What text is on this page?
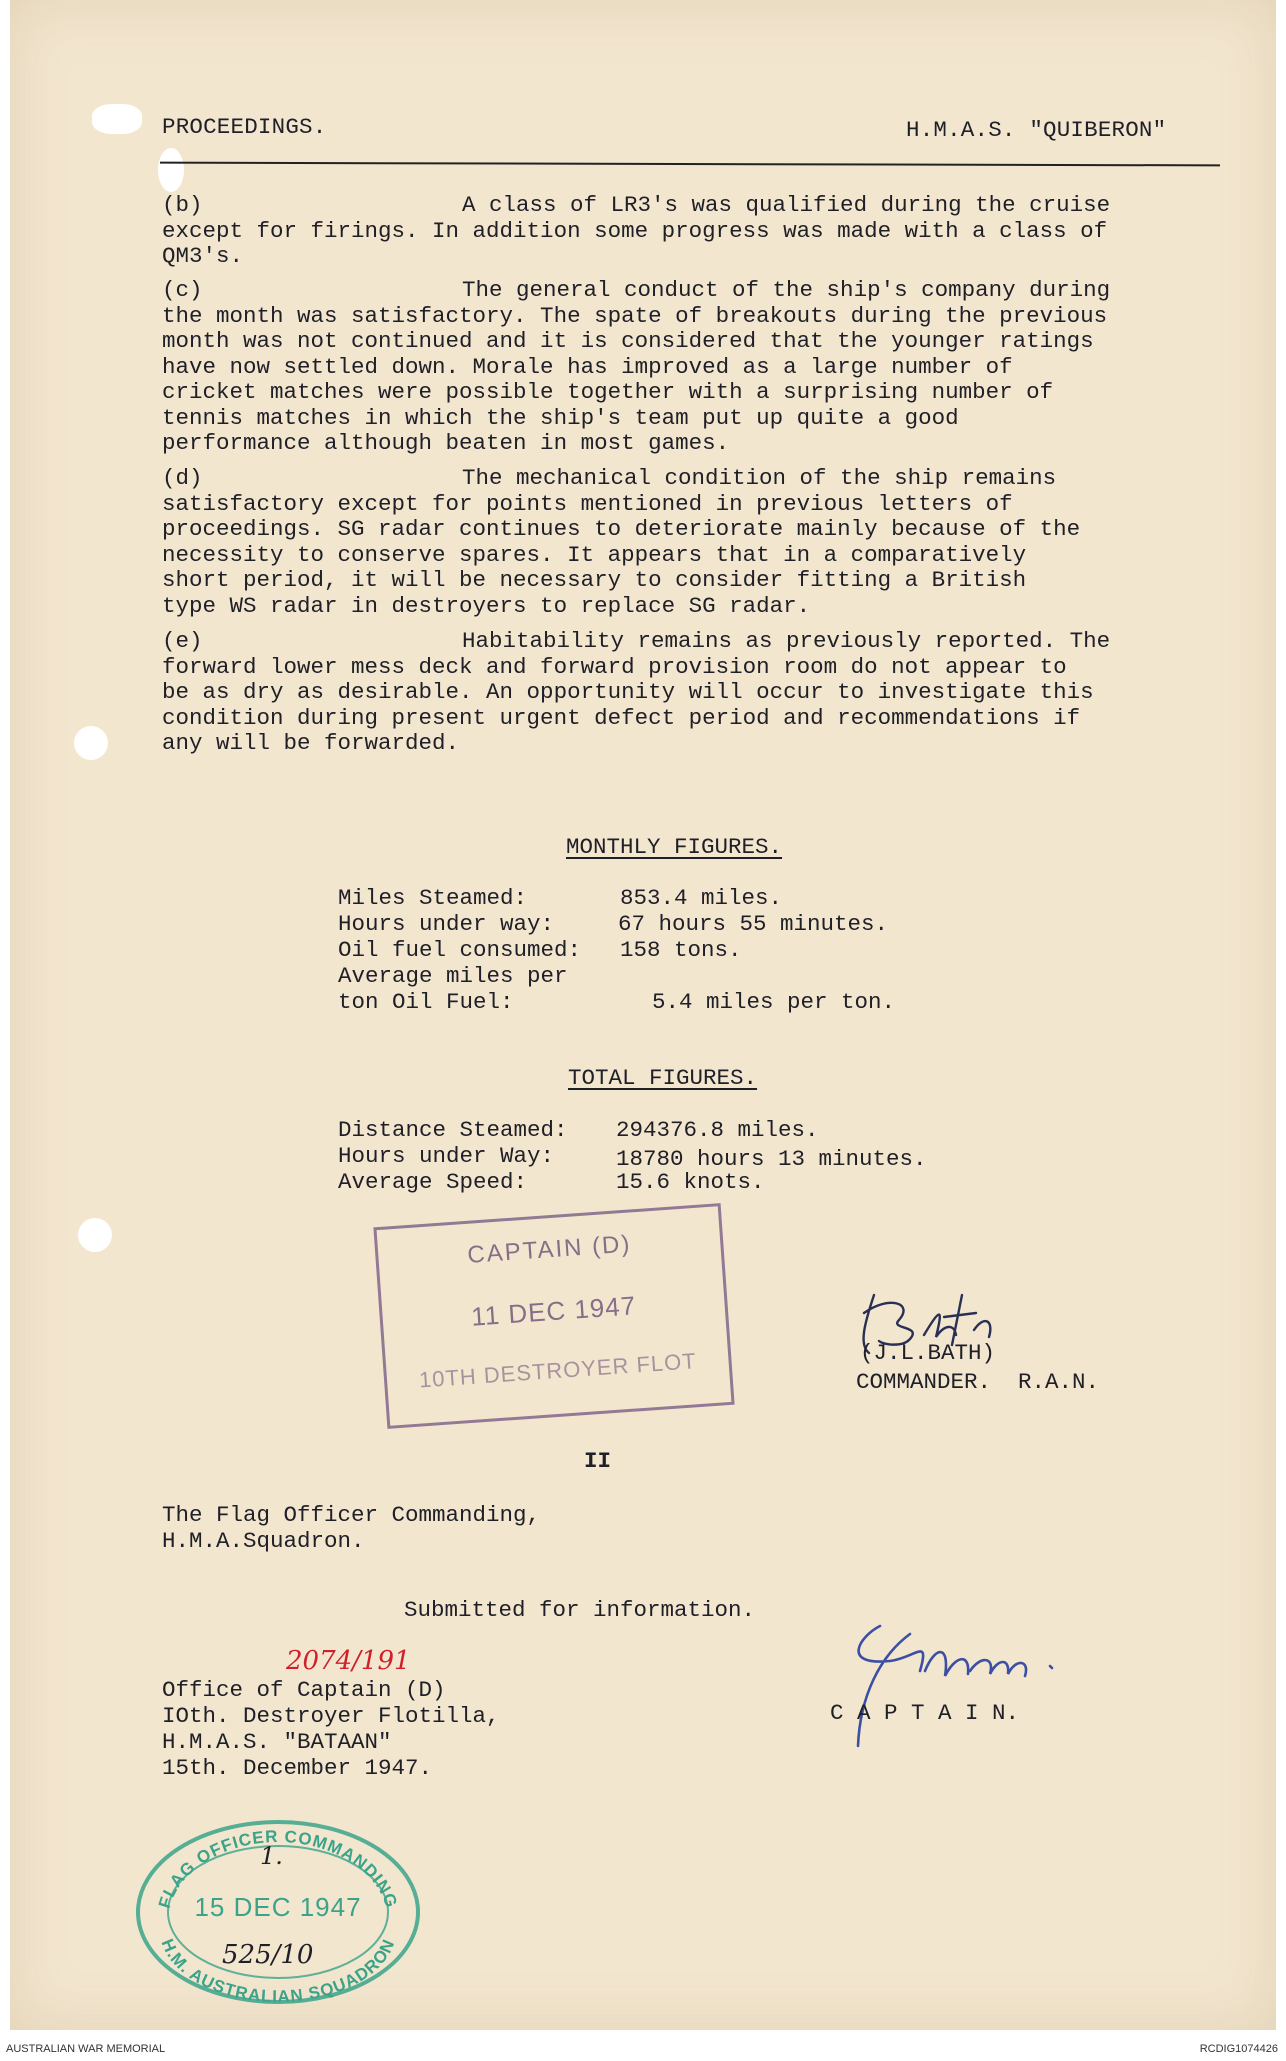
PROCEEDINGS.	H.M.A.S. "QUIBERON"
(b)	A class of LR3's was qualified during the cruise
except for firings. In addition some progress was made with a class of
QM3's.
(c)	The general conduct of the ship's company during
the month was satisfactory. The spate of breakouts during the previous
month was not continued and it is considered that the younger ratings
have now settled down. Morale has improved as a large number of
cricket matches were possible together with a surprising number of
tennis matches in which the ship's team put up quite a good
performance although beaten in most games.
(d)	The mechanical condition of the ship remains
satisfactory except for points mentioned in previous letters of
proceedings. SG radar continues to deteriorate mainly because of the
necessity to conserve spares. It appears that in a comparatively
short period, it will be necessary to consider fitting a British
type WS radar in destroyers to replace SG radar.
(e)	Habitability remains as previously reported. The
forward lower mess deck and forward provision room do not appear to
be as dry as desirable. An opportunity will occur to investigate this
condition during present urgent defect period and recommendations if
any will be forwarded.
MONTHLY FIGURES.
Miles Steamed:	853.4 miles.
Hours under way:	67 hours 55 minutes.
Oil fuel consumed: 158 tons.
Average miles per
ton Oil Fuel:	5.4 miles per ton.
TOTAL FIGURES.
Distance Steamed: 294376.8 miles.
Hours under Way:	18780 hours 13 minutes.
Average Speed:	15.6 knots.
CAPTAIN (D)
11 DEC 1947
10TH DESTROYER FLOT	(J.L.BATH)
COMMANDER.  R.A.N.
II
The Flag Officer Commanding,
H.M.A.Squadron.
Submitted for information.
2074/191
Office of Captain (D)
IOth. Destroyer Flotilla,
H.M.A.S. "BATAAN"
15th. December 1947.
C A P T A I N.
FLAG OFFICER COMMANDING
H.M. AUSTRALIAN SQUADRON
15 DEC 1947
525/10
1.
AUSTRALIAN WAR MEMORIAL	RCDIG1074426
